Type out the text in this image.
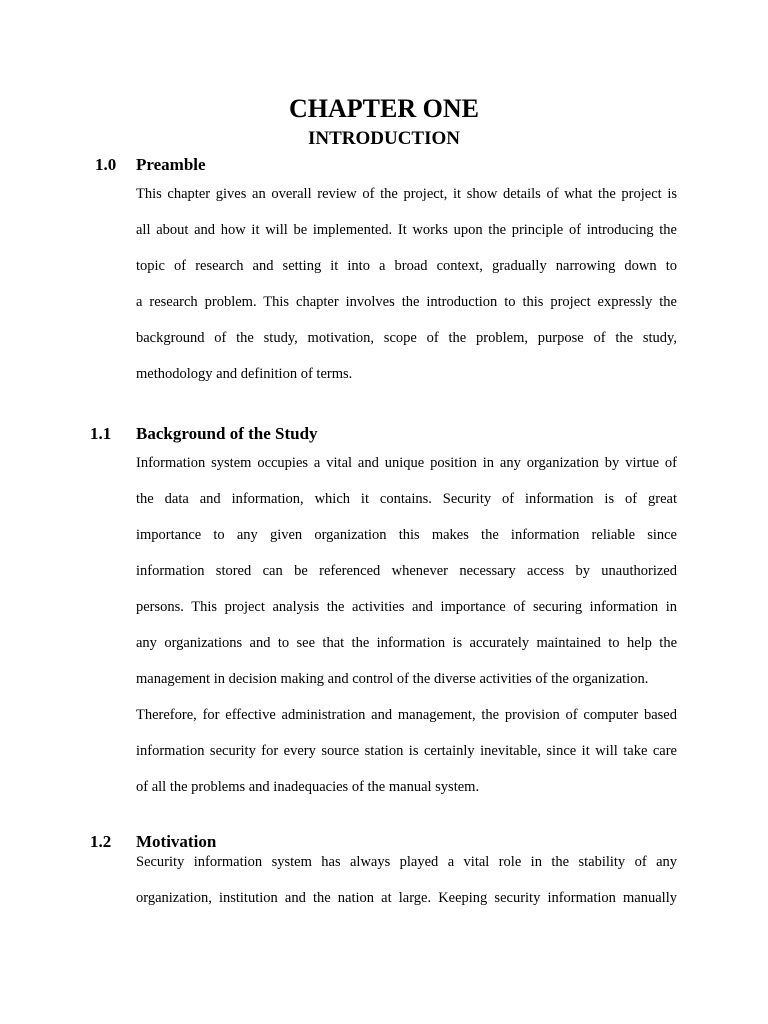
CHAPTER ONE
INTRODUCTION
1.0 Preamble
This chapter gives an overall review of the project, it show details of what the project is
all about and how it will be implemented. It works upon the principle of introducing the
topic of research and setting it into a broad context, gradually narrowing down to
a research problem. This chapter involves the introduction to this project expressly the
background of the study, motivation, scope of the problem, purpose of the study,
methodology and definition of terms.
1.1 Background of the Study
Information system occupies a vital and unique position in any organization by virtue of
the data and information, which it contains. Security of information is of great
importance to any given organization this makes the information reliable since
information stored can be referenced whenever necessary access by unauthorized
persons. This project analysis the activities and importance of securing information in
any organizations and to see that the information is accurately maintained to help the
management in decision making and control of the diverse activities of the organization.
Therefore, for effective administration and management, the provision of computer based
information security for every source station is certainly inevitable, since it will take care
of all the problems and inadequacies of the manual system.
1.2 Motivation
Security information system has always played a vital role in the stability of any
organization, institution and the nation at large. Keeping security information manually
